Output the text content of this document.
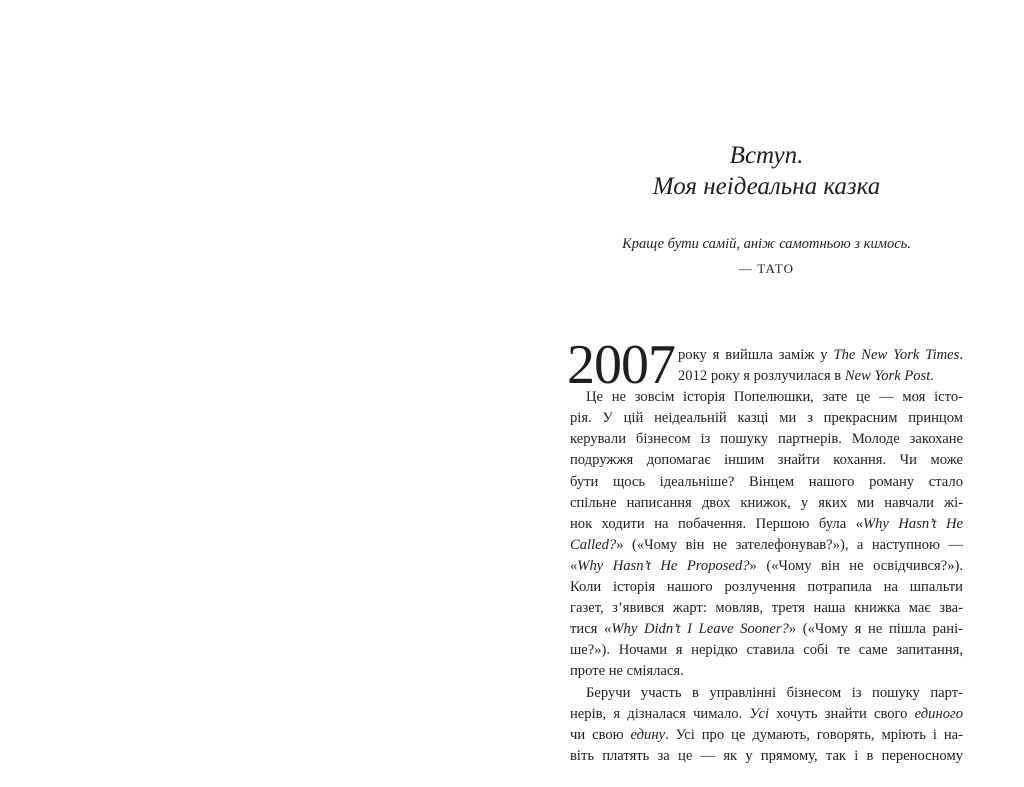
Вступ.
Моя неідеальна казка

Краще бути самій, аніж самотньою з кимось.

— ТАТО

2007 року я вийшла заміж у The New York Times.
2012 року я розлучилася в New York Post.
Це не зовсім історія Попелюшки, зате це — моя істо-
рія. У цій неідеальній казці ми з прекрасним принцом
керували бізнесом із пошуку партнерів. Молоде закохане
подружжя допомагає іншим знайти кохання. Чи може
бути щось ідеальніше? Вінцем нашого роману стало
спільне написання двох книжок, у яких ми навчали жі-
нок ходити на побачення. Першою була «Why Hasn’t He
Called?» («Чому він не зателефонував?»), а наступною —
«Why Hasn’t He Proposed?» («Чому він не освідчився?»).
Коли історія нашого розлучення потрапила на шпальти
газет, з’явився жарт: мовляв, третя наша книжка має зва-
тися «Why Didn’t I Leave Sooner?» («Чому я не пішла рані-
ше?»). Ночами я нерідко ставила собі те саме запитання,
проте не сміялася.
Беручи участь в управлінні бізнесом із пошуку парт-
нерів, я дізналася чимало. Усі хочуть знайти свого единого
чи свою едину. Усі про це думають, говорять, мріють і на-
віть платять за це — як у прямому, так і в переносному
